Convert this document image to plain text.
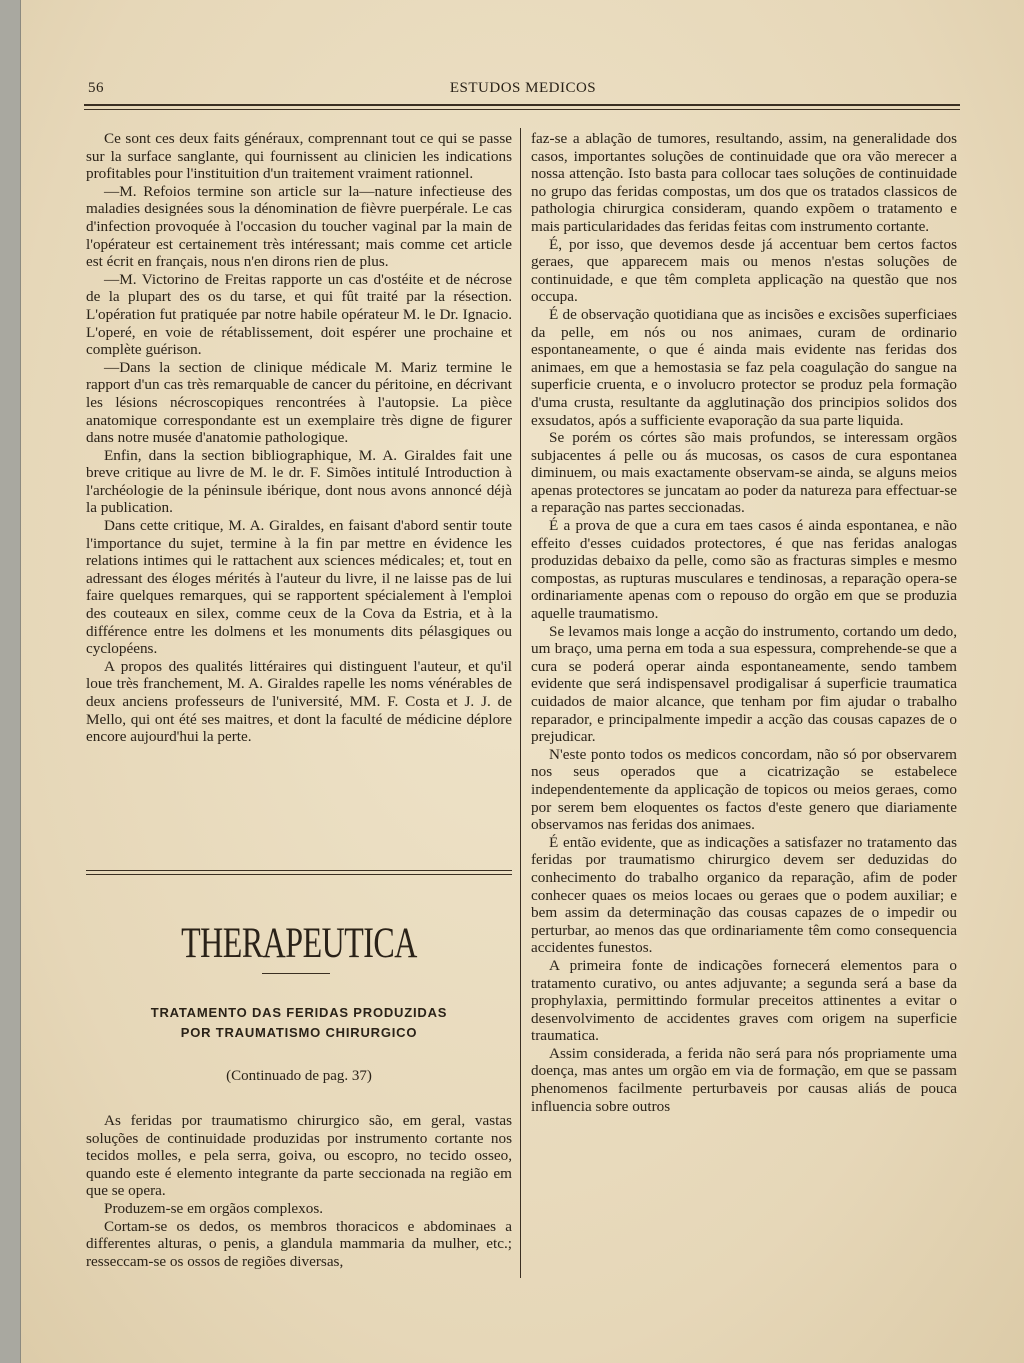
56	ESTUDOS MEDICOS

Ce sont ces deux faits généraux, comprennant tout ce qui se passe sur la surface sanglante, qui fournissent au clinicien les indications profitables pour l'instituition d'un traitement vraiment rationnel.

—M. Refoios termine son article sur la—nature infectieuse des maladies designées sous la dénomination de fièvre puerpérale. Le cas d'infection provoquée à l'occasion du toucher vaginal par la main de l'opérateur est certainement très intéressant; mais comme cet article est écrit en français, nous n'en dirons rien de plus.

—M. Victorino de Freitas rapporte un cas d'ostéite et de nécrose de la plupart des os du tarse, et qui fût traité par la résection. L'opération fut pratiquée par notre habile opérateur M. le Dr. Ignacio. L'operé, en voie de rétablissement, doit espérer une prochaine et complète guérison.

—Dans la section de clinique médicale M. Mariz termine le rapport d'un cas très remarquable de cancer du péritoine, en décrivant les lésions nécroscopiques rencontrées à l'autopsie. La pièce anatomique correspondante est un exemplaire très digne de figurer dans notre musée d'anatomie pathologique.

Enfin, dans la section bibliographique, M. A. Giraldes fait une breve critique au livre de M. le dr. F. Simões intitulé Introduction à l'archéologie de la péninsule ibérique, dont nous avons annoncé déjà la publication.

Dans cette critique, M. A. Giraldes, en faisant d'abord sentir toute l'importance du sujet, termine à la fin par mettre en évidence les relations intimes qui le rattachent aux sciences médicales; et, tout en adressant des éloges mérités à l'auteur du livre, il ne laisse pas de lui faire quelques remarques, qui se rapportent spécialement à l'emploi des couteaux en silex, comme ceux de la Cova da Estria, et à la différence entre les dolmens et les monuments dits pélasgiques ou cyclopéens.

A propos des qualités littéraires qui distinguent l'auteur, et qu'il loue très franchement, M. A. Giraldes rapelle les noms vénérables de deux anciens professeurs de l'université, MM. F. Costa et J. J. de Mello, qui ont été ses maitres, et dont la faculté de médicine déplore encore aujourd'hui la perte.

THERAPEUTICA
TRATAMENTO DAS FERIDAS PRODUZIDAS
POR TRAUMATISMO CHIRURGICO
(Continuado de pag. 37)

As feridas por traumatismo chirurgico são, em geral, vastas soluções de continuidade produzidas por instrumento cortante nos tecidos molles, e pela serra, goiva, ou escopro, no tecido osseo, quando este é elemento integrante da parte seccionada na região em que se opera.

Produzem-se em orgãos complexos.

Cortam-se os dedos, os membros thoracicos e abdominaes a differentes alturas, o penis, a glandula mammaria da mulher, etc.; resseccam-se os ossos de regiões diversas,

faz-se a ablação de tumores, resultando, assim, na generalidade dos casos, importantes soluções de continuidade que ora vão merecer a nossa attenção. Isto basta para collocar taes soluções de continuidade no grupo das feridas compostas, um dos que os tratados classicos de pathologia chirurgica consideram, quando expõem o tratamento e mais particularidades das feridas feitas com instrumento cortante.

É, por isso, que devemos desde já accentuar bem certos factos geraes, que apparecem mais ou menos n'estas soluções de continuidade, e que têm completa applicação na questão que nos occupa.

É de observação quotidiana que as incisões e excisões superficiaes da pelle, em nós ou nos animaes, curam de ordinario espontaneamente, o que é ainda mais evidente nas feridas dos animaes, em que a hemostasia se faz pela coagulação do sangue na superficie cruenta, e o involucro protector se produz pela formação d'uma crusta, resultante da agglutinação dos principios solidos dos exsudatos, após a sufficiente evaporação da sua parte liquida.

Se porém os córtes são mais profundos, se interessam orgãos subjacentes á pelle ou ás mucosas, os casos de cura espontanea diminuem, ou mais exactamente observam-se ainda, se alguns meios apenas protectores se juncatam ao poder da natureza para effectuar-se a reparação nas partes seccionadas.

É a prova de que a cura em taes casos é ainda espontanea, e não effeito d'esses cuidados protectores, é que nas feridas analogas produzidas debaixo da pelle, como são as fracturas simples e mesmo compostas, as rupturas musculares e tendinosas, a reparação opera-se ordinariamente apenas com o repouso do orgão em que se produzia aquelle traumatismo.

Se levamos mais longe a acção do instrumento, cortando um dedo, um braço, uma perna em toda a sua espessura, comprehende-se que a cura se poderá operar ainda espontaneamente, sendo tambem evidente que será indispensavel prodigalisar á superficie traumatica cuidados de maior alcance, que tenham por fim ajudar o trabalho reparador, e principalmente impedir a acção das cousas capazes de o prejudicar.

N'este ponto todos os medicos concordam, não só por observarem nos seus operados que a cicatrização se estabelece independentemente da applicação de topicos ou meios geraes, como por serem bem eloquentes os factos d'este genero que diariamente observamos nas feridas dos animaes.

É então evidente, que as indicações a satisfazer no tratamento das feridas por traumatismo chirurgico devem ser deduzidas do conhecimento do trabalho organico da reparação, afim de poder conhecer quaes os meios locaes ou geraes que o podem auxiliar; e bem assim da determinação das cousas capazes de o impedir ou perturbar, ao menos das que ordinariamente têm como consequencia accidentes funestos.

A primeira fonte de indicações fornecerá elementos para o tratamento curativo, ou antes adjuvante; a segunda será a base da prophylaxia, permittindo formular preceitos attinentes a evitar o desenvolvimento de accidentes graves com origem na superficie traumatica.

Assim considerada, a ferida não será para nós propriamente uma doença, mas antes um orgão em via de formação, em que se passam phenomenos facilmente perturbaveis por causas aliás de pouca influencia sobre outros
